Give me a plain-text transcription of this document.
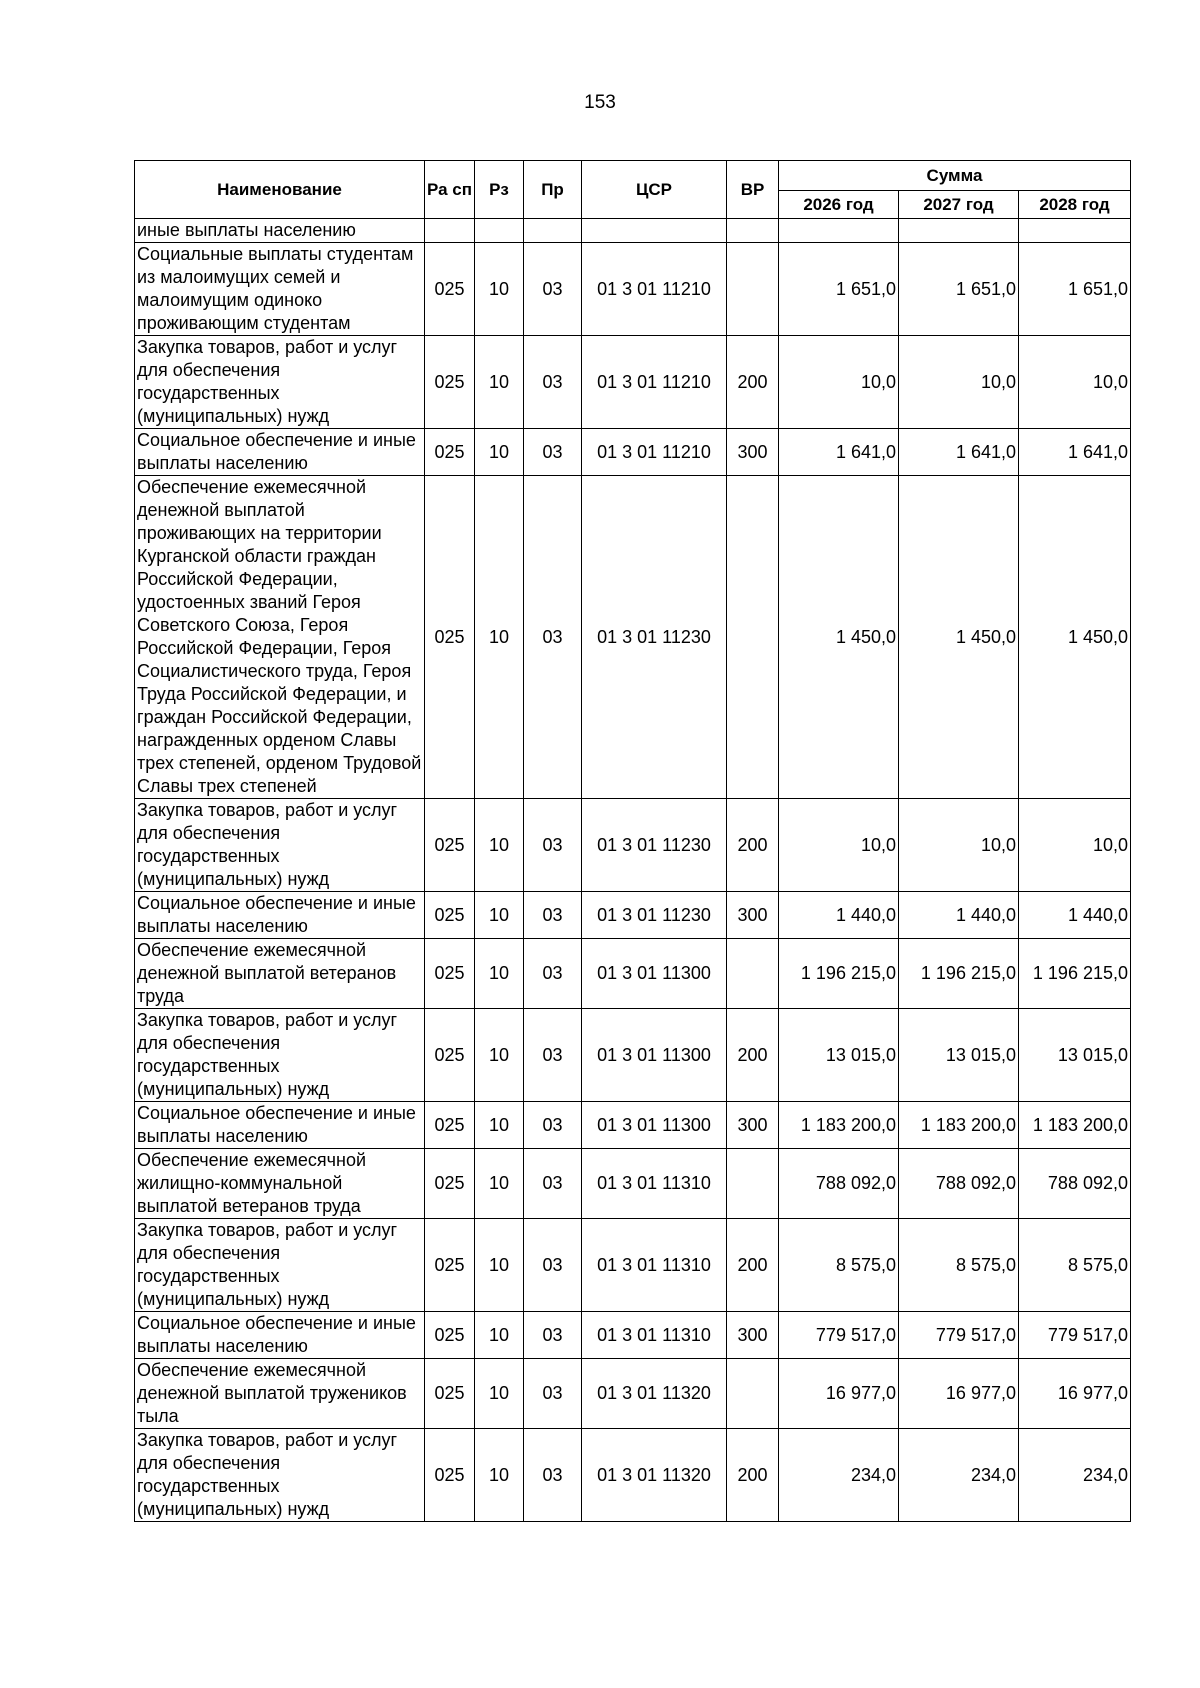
153
Наименование	Ра сп	Рз	Пр	ЦСР	ВР	Сумма		
						2026 год	2027 год	2028 год
иные выплаты населению								
Социальные выплаты студентам из малоимущих семей и малоимущим одиноко проживающим студентам	025	10	03	01 3 01 11210		1 651,0	1 651,0	1 651,0
Закупка товаров, работ и услуг для обеспечения государственных (муниципальных) нужд	025	10	03	01 3 01 11210	200	10,0	10,0	10,0
Социальное обеспечение и иные выплаты населению	025	10	03	01 3 01 11210	300	1 641,0	1 641,0	1 641,0
Обеспечение ежемесячной денежной выплатой проживающих на территории Курганской области граждан Российской Федерации, удостоенных званий Героя Советского Союза, Героя Российской Федерации, Героя Социалистического труда, Героя Труда Российской Федерации, и граждан Российской Федерации, награжденных орденом Славы трех степеней, орденом Трудовой Славы трех степеней	025	10	03	01 3 01 11230		1 450,0	1 450,0	1 450,0
Закупка товаров, работ и услуг для обеспечения государственных (муниципальных) нужд	025	10	03	01 3 01 11230	200	10,0	10,0	10,0
Социальное обеспечение и иные выплаты населению	025	10	03	01 3 01 11230	300	1 440,0	1 440,0	1 440,0
Обеспечение ежемесячной денежной выплатой ветеранов труда	025	10	03	01 3 01 11300		1 196 215,0	1 196 215,0	1 196 215,0
Закупка товаров, работ и услуг для обеспечения государственных (муниципальных) нужд	025	10	03	01 3 01 11300	200	13 015,0	13 015,0	13 015,0
Социальное обеспечение и иные выплаты населению	025	10	03	01 3 01 11300	300	1 183 200,0	1 183 200,0	1 183 200,0
Обеспечение ежемесячной жилищно-коммунальной выплатой ветеранов труда	025	10	03	01 3 01 11310		788 092,0	788 092,0	788 092,0
Закупка товаров, работ и услуг для обеспечения государственных (муниципальных) нужд	025	10	03	01 3 01 11310	200	8 575,0	8 575,0	8 575,0
Социальное обеспечение и иные выплаты населению	025	10	03	01 3 01 11310	300	779 517,0	779 517,0	779 517,0
Обеспечение ежемесячной денежной выплатой тружеников тыла	025	10	03	01 3 01 11320		16 977,0	16 977,0	16 977,0
Закупка товаров, работ и услуг для обеспечения государственных (муниципальных) нужд	025	10	03	01 3 01 11320	200	234,0	234,0	234,0
